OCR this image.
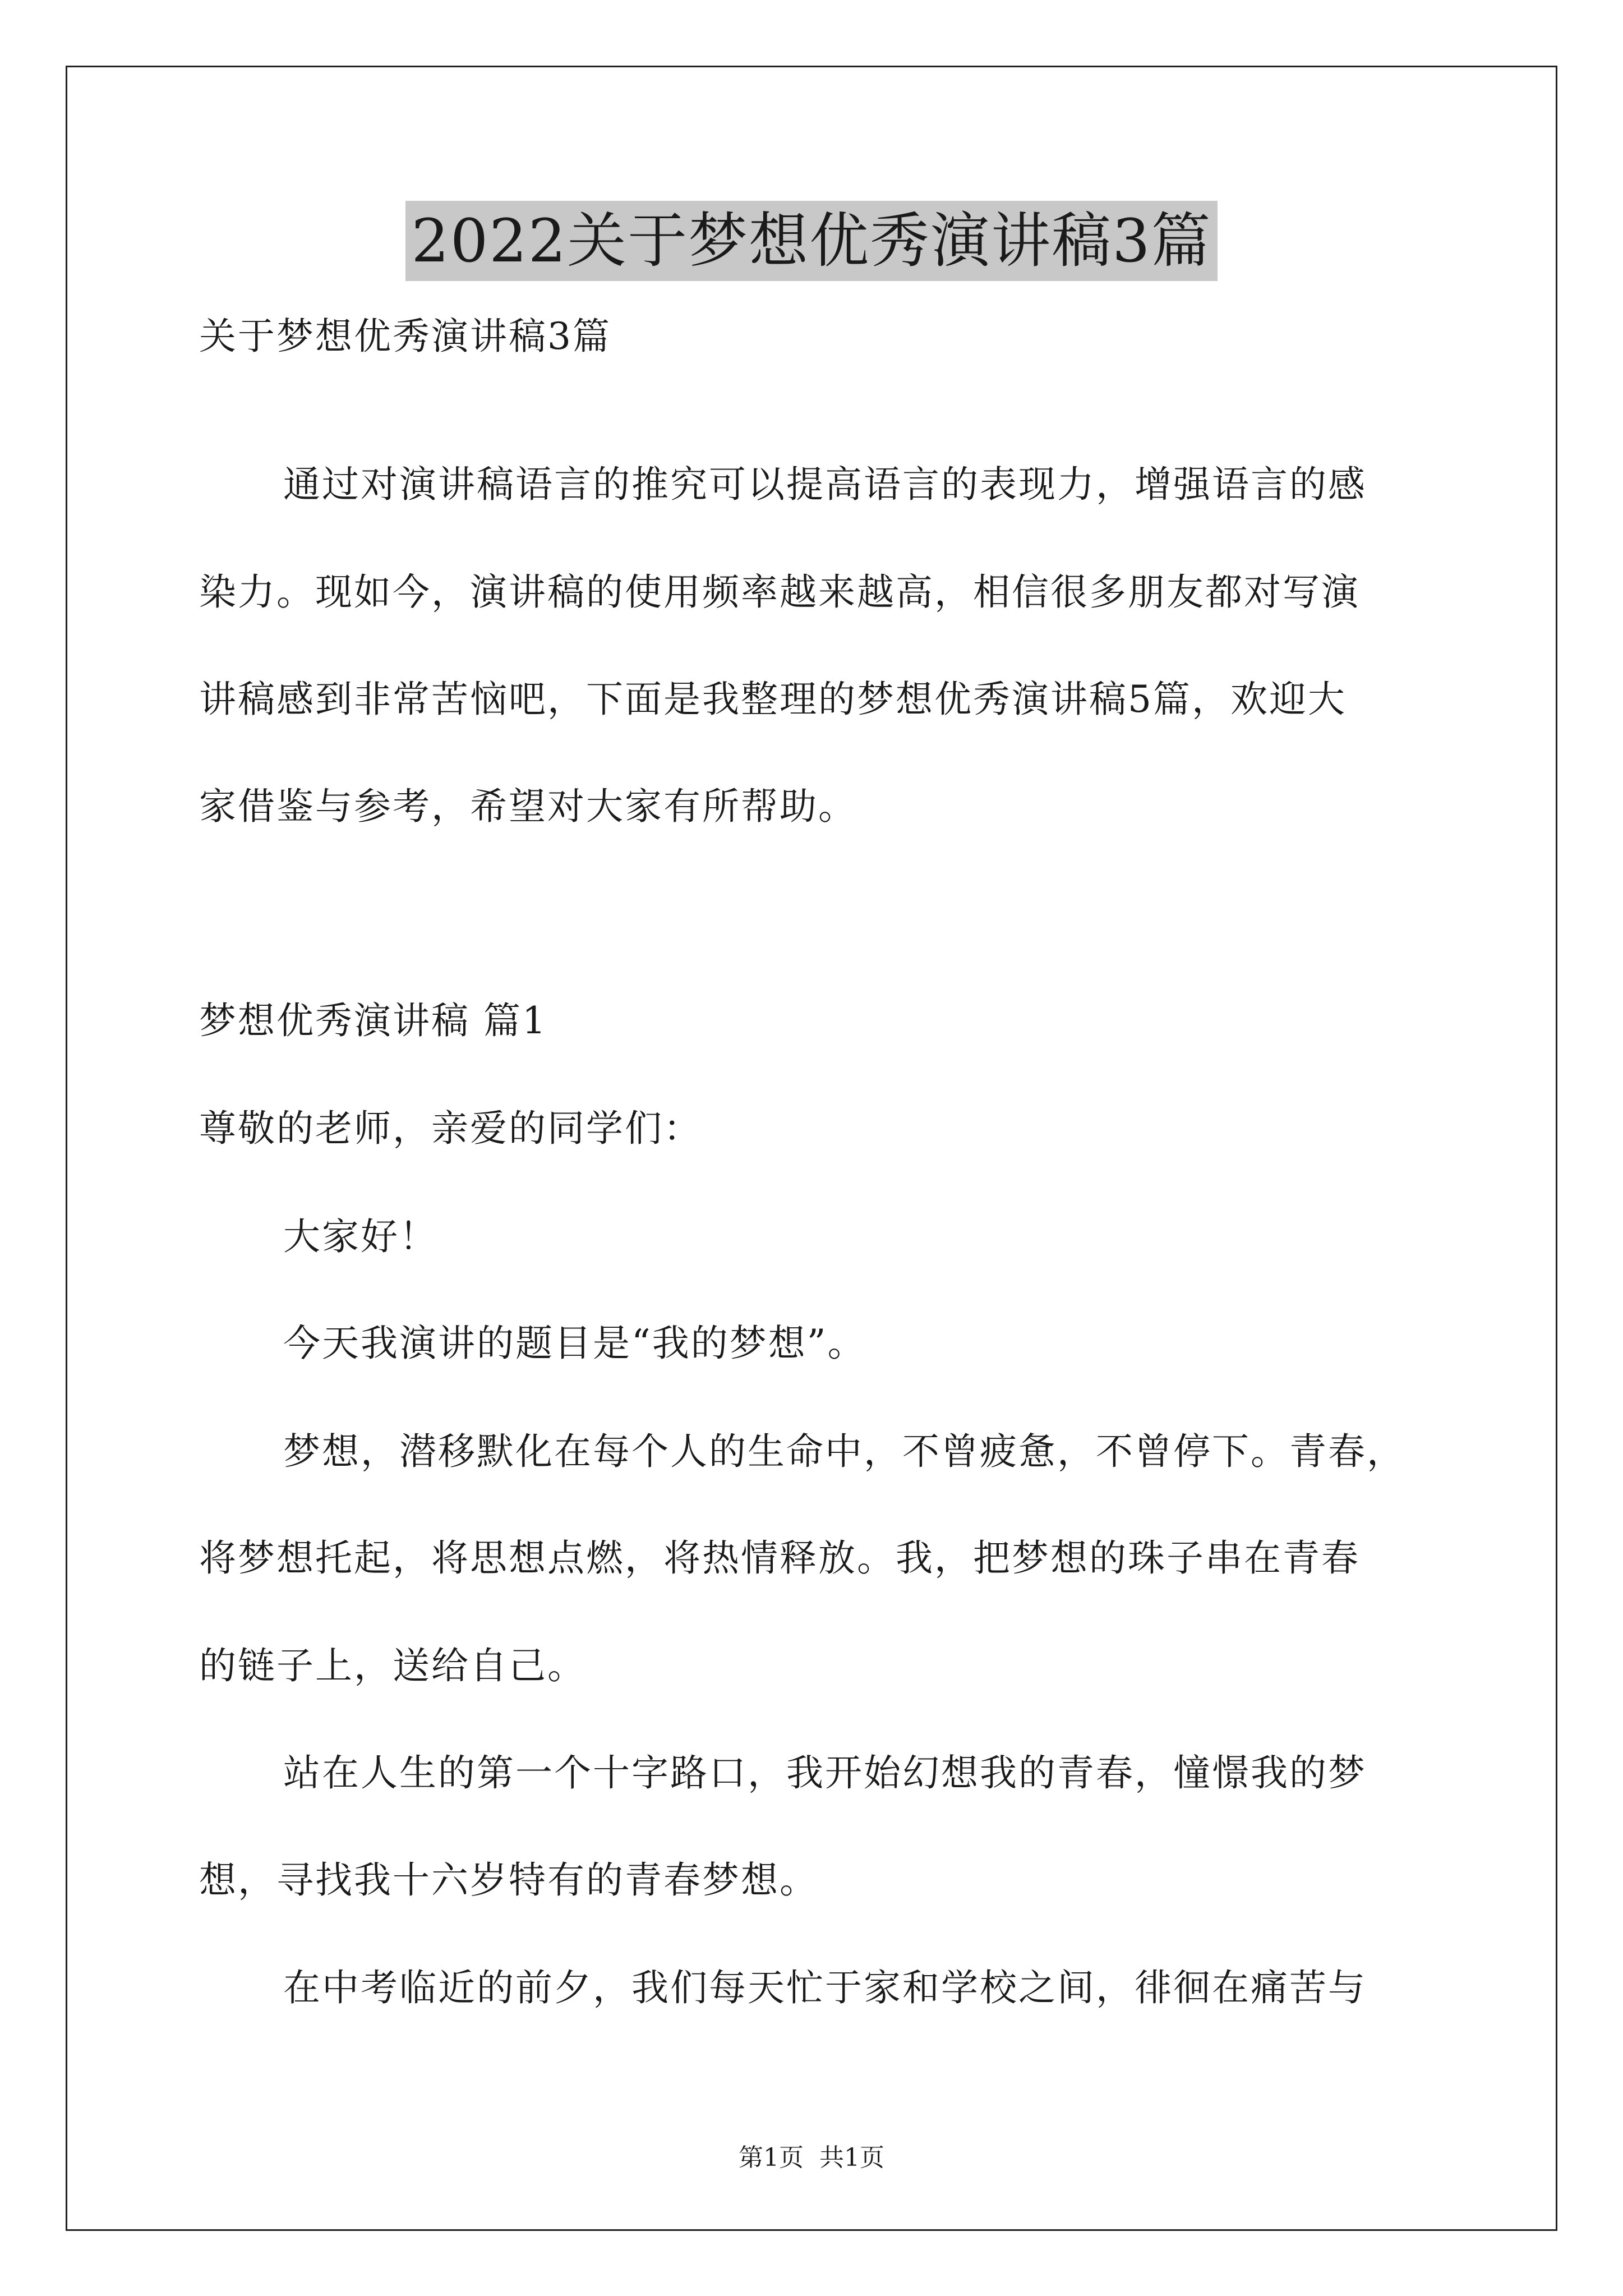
2022关于梦想优秀演讲稿3篇
关于梦想优秀演讲稿3篇
通过对演讲稿语言的推究可以提高语言的表现力，增强语言的感
染力。现如今，演讲稿的使用频率越来越高，相信很多朋友都对写演
讲稿感到非常苦恼吧，下面是我整理的梦想优秀演讲稿5篇，欢迎大
家借鉴与参考，希望对大家有所帮助。
梦想优秀演讲稿 篇1
尊敬的老师，亲爱的同学们：
大家好！
今天我演讲的题目是“我的梦想”。
梦想，潜移默化在每个人的生命中，不曾疲惫，不曾停下。青春，
将梦想托起，将思想点燃，将热情释放。我，把梦想的珠子串在青春
的链子上，送给自己。
站在人生的第一个十字路口，我开始幻想我的青春，憧憬我的梦
想，寻找我十六岁特有的青春梦想。
在中考临近的前夕，我们每天忙于家和学校之间，徘徊在痛苦与
第1页  共1页
